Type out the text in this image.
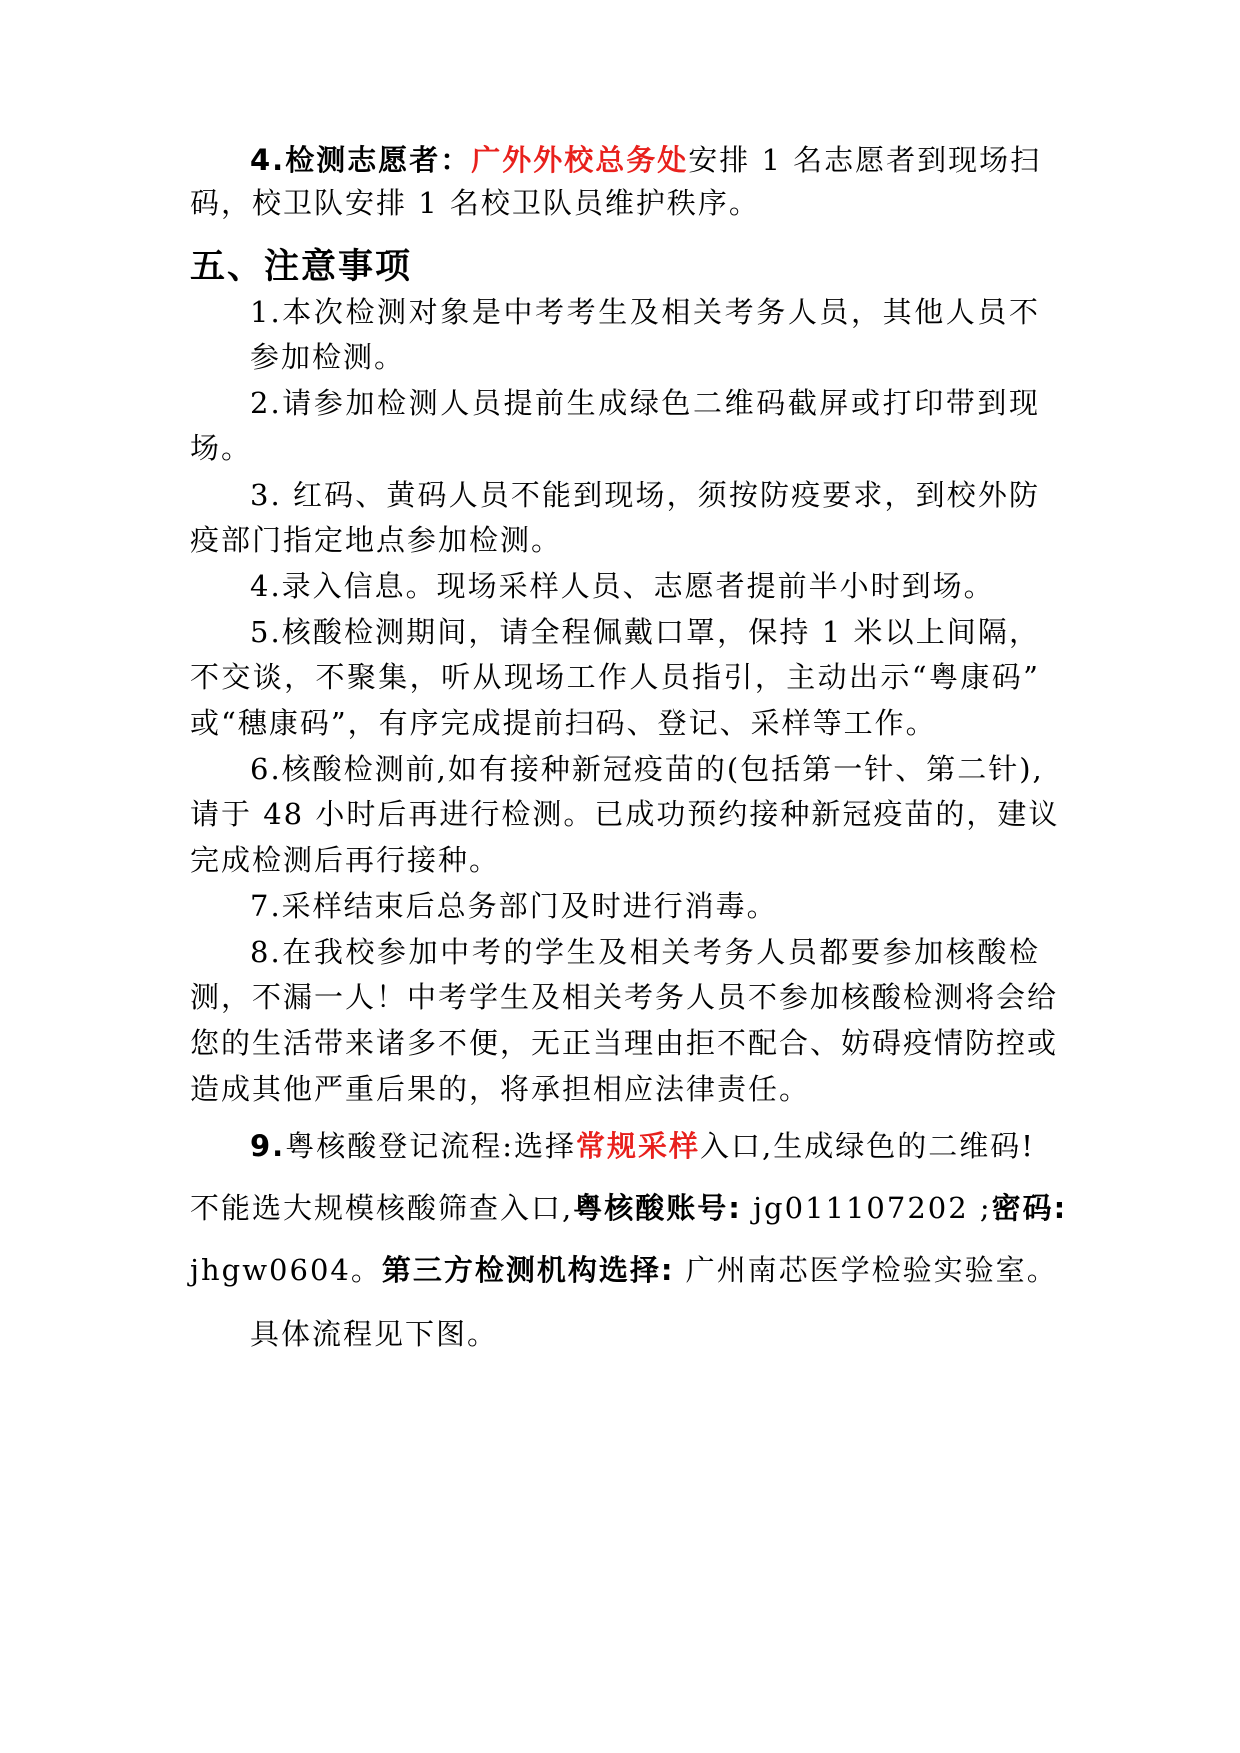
4.检测志愿者：广外外校总务处安排 1 名志愿者到现场扫
码，校卫队安排 1 名校卫队员维护秩序。
五、注意事项
1.本次检测对象是中考考生及相关考务人员，其他人员不
参加检测。
2.请参加检测人员提前生成绿色二维码截屏或打印带到现
场。
3. 红码、黄码人员不能到现场，须按防疫要求，到校外防
疫部门指定地点参加检测。
4.录入信息。现场采样人员、志愿者提前半小时到场。
5.核酸检测期间，请全程佩戴口罩，保持 1 米以上间隔，
不交谈，不聚集，听从现场工作人员指引，主动出示“粤康码”
或“穗康码”，有序完成提前扫码、登记、采样等工作。
6.核酸检测前,如有接种新冠疫苗的(包括第一针、第二针),
请于 48 小时后再进行检测。已成功预约接种新冠疫苗的，建议
完成检测后再行接种。
7.采样结束后总务部门及时进行消毒。
8.在我校参加中考的学生及相关考务人员都要参加核酸检
测，不漏一人！中考学生及相关考务人员不参加核酸检测将会给
您的生活带来诸多不便，无正当理由拒不配合、妨碍疫情防控或
造成其他严重后果的，将承担相应法律责任。
9.粤核酸登记流程:选择常规采样入口,生成绿色的二维码!
不能选大规模核酸筛查入口,粤核酸账号: jg011107202 ;密码:
jhgw0604。第三方检测机构选择: 广州南芯医学检验实验室。
具体流程见下图。
